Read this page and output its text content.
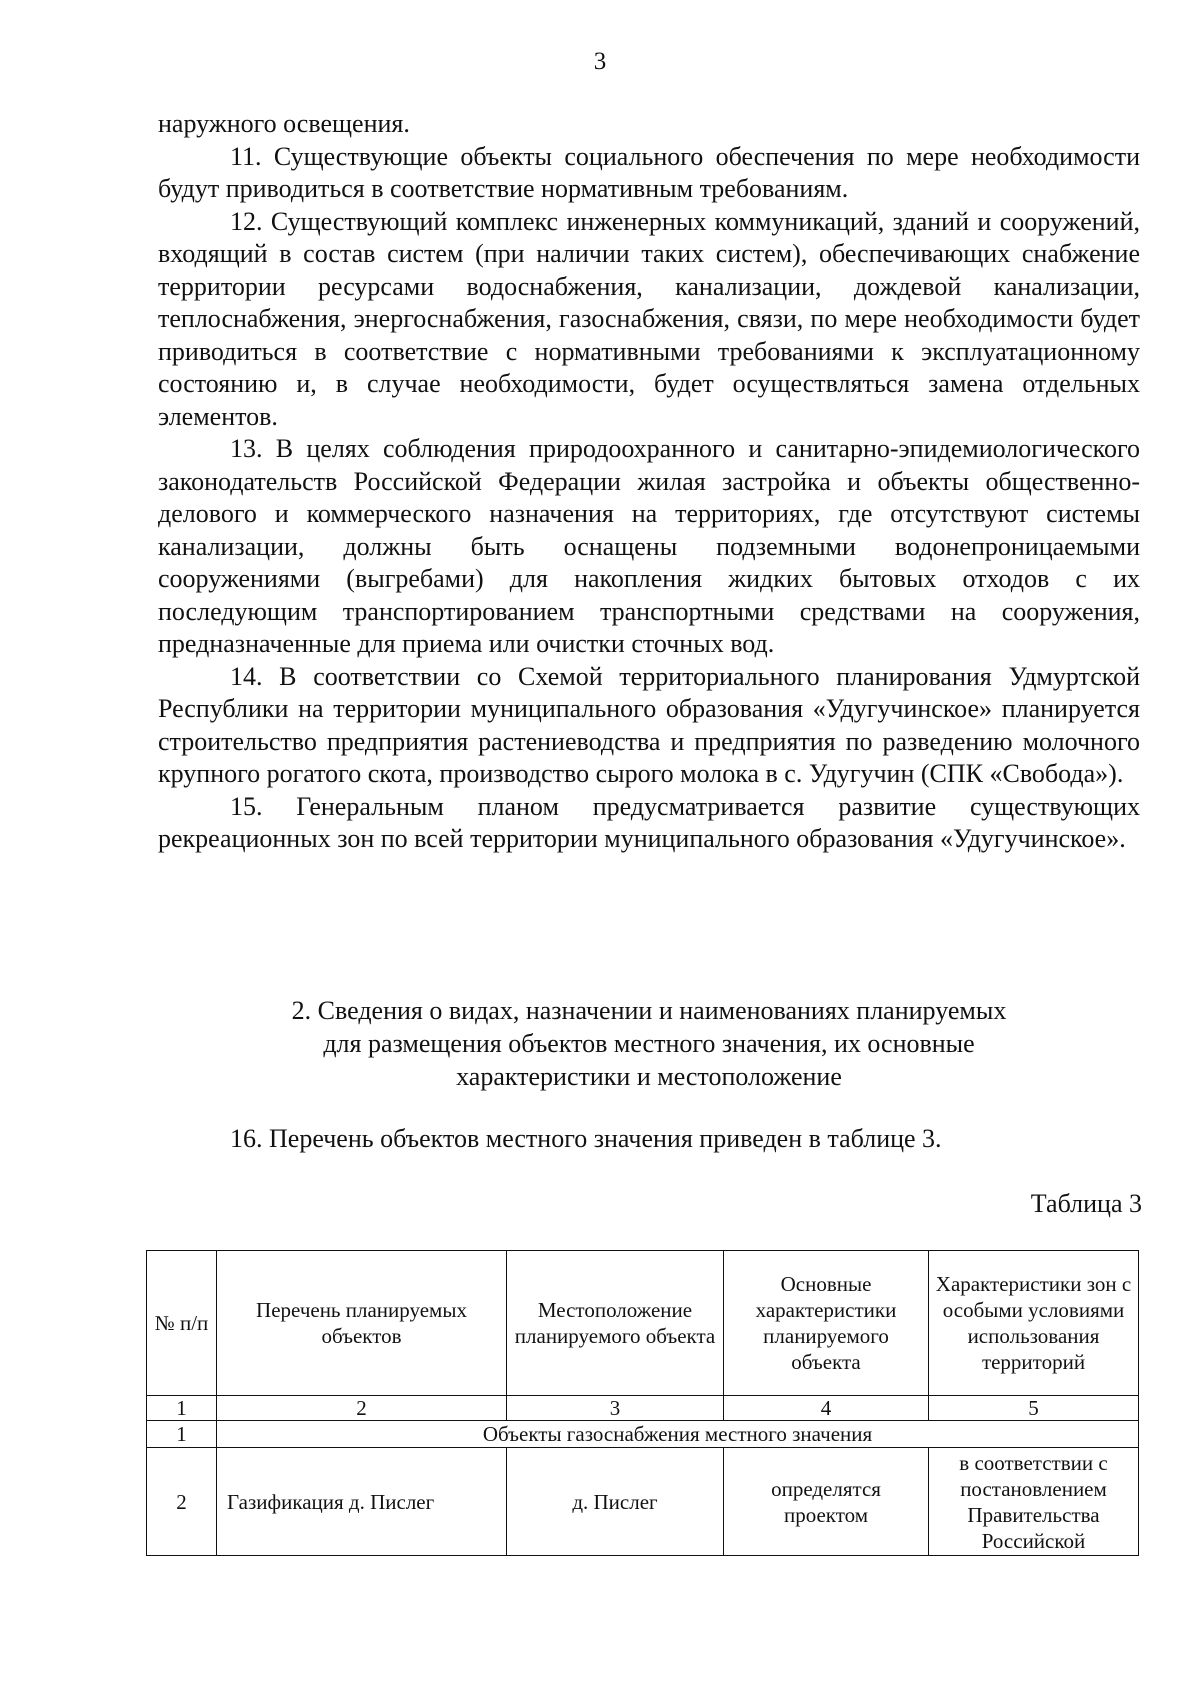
3

наружного освещения.

11. Существующие объекты социального обеспечения по мере необходимости будут приводиться в соответствие нормативным требованиям.

12. Существующий комплекс инженерных коммуникаций, зданий и сооружений, входящий в состав систем (при наличии таких систем), обеспечивающих снабжение территории ресурсами водоснабжения, канализации, дождевой канализации, теплоснабжения, энергоснабжения, газоснабжения, связи, по мере необходимости будет приводиться в соответствие с нормативными требованиями к эксплуатационному состоянию и, в случае необходимости, будет осуществляться замена отдельных элементов.

13. В целях соблюдения природоохранного и санитарно-эпидемиологического законодательств Российской Федерации жилая застройка и объекты общественно-делового и коммерческого назначения на территориях, где отсутствуют системы канализации, должны быть оснащены подземными водонепроницаемыми сооружениями (выгребами) для накопления жидких бытовых отходов с их последующим транспортированием транспортными средствами на сооружения, предназначенные для приема или очистки сточных вод.

14. В соответствии со Схемой территориального планирования Удмуртской Республики на территории муниципального образования «Удугучинское» планируется строительство предприятия растениеводства и предприятия по разведению молочного крупного рогатого скота, производство сырого молока в с. Удугучин (СПК «Свобода»).

15. Генеральным планом предусматривается развитие существующих рекреационных зон по всей территории муниципального образования «Удугучинское».

2. Сведения о видах, назначении и наименованиях планируемых
для размещения объектов местного значения, их основные
характеристики и местоположение
16. Перечень объектов местного значения приведен в таблице 3.
Таблица 3
№ п/п	Перечень планируемых объектов	Местоположение планируемого объекта	Основные характеристики планируемого объекта	Характеристики зон с особыми условиями использования территорий
1	2	3	4	5
1	Объекты газоснабжения местного значения			
2	Газификация д. Пислег	д. Пислег	определятся проектом	в соответствии с постановлением Правительства Российской
